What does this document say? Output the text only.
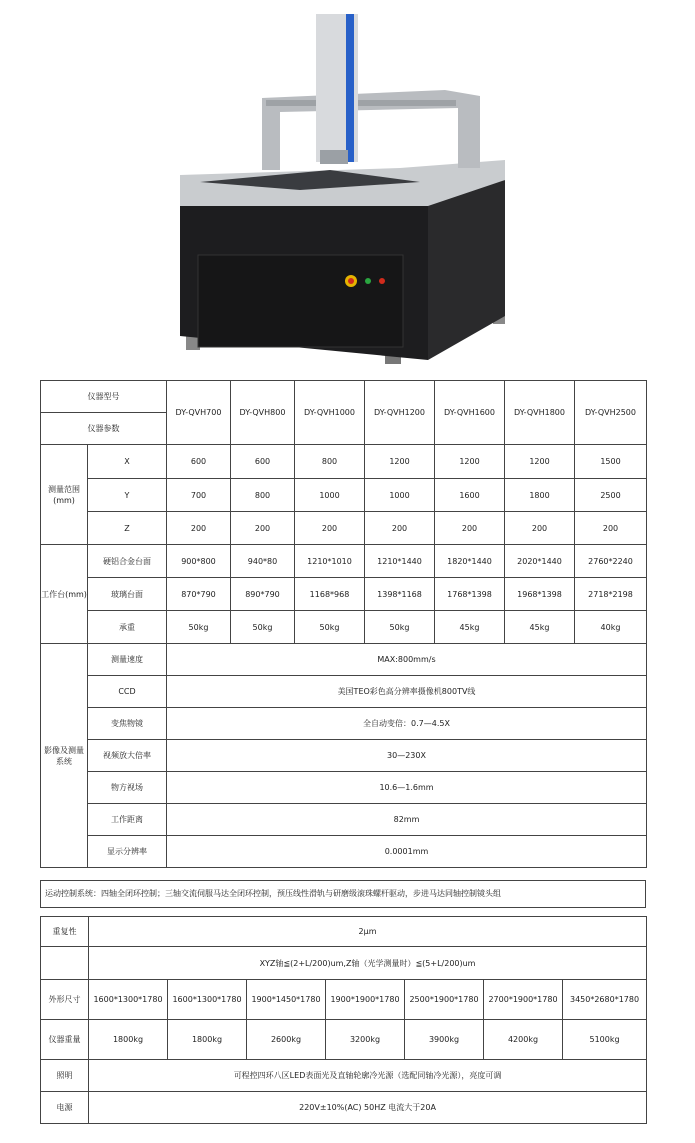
仪器型号		DY-QVH700	DY-QVH800	DY-QVH1000	DY-QVH1200	DY-QVH1600	DY-QVH1800	DY-QVH2500
仪器参数								
测量范围(mm)	X	600	600	800	1200	1200	1200	1500
	Y	700	800	1000	1000	1600	1800	2500
	Z	200	200	200	200	200	200	200
工作台(mm)	硬铝合金台面	900*800	940*80	1210*1010	1210*1440	1820*1440	2020*1440	2760*2240
	玻璃台面	870*790	890*790	1168*968	1398*1168	1768*1398	1968*1398	2718*2198
	承重	50kg	50kg	50kg	50kg	45kg	45kg	40kg
影像及测量系统	测量速度	MAX:800mm/s						
	CCD	美国TEO彩色高分辨率摄像机800TV线						
	变焦物镜	全自动变倍：0.7—4.5X						
	视频放大倍率	30—230X						
	物方视场	10.6—1.6mm						
	工作距离	82mm						
	显示分辨率	0.0001mm						
运动控制系统：四轴全闭环控制；三轴交流伺服马达全闭环控制，预压线性滑轨与研磨级滚珠螺杆驱动，步进马达同轴控制镜头组
重复性	2μm						
	XYZ轴≦(2+L/200)um,Z轴（光学测量时）≦(5+L/200)um						
外形尺寸	1600*1300*1780	1600*1300*1780	1900*1450*1780	1900*1900*1780	2500*1900*1780	2700*1900*1780	3450*2680*1780
仪器重量	1800kg	1800kg	2600kg	3200kg	3900kg	4200kg	5100kg
照明	可程控四环八区LED表面光及直轴轮廓冷光源（选配同轴冷光源），亮度可调						
电源	220V±10%(AC) 50HZ 电流大于20A						
